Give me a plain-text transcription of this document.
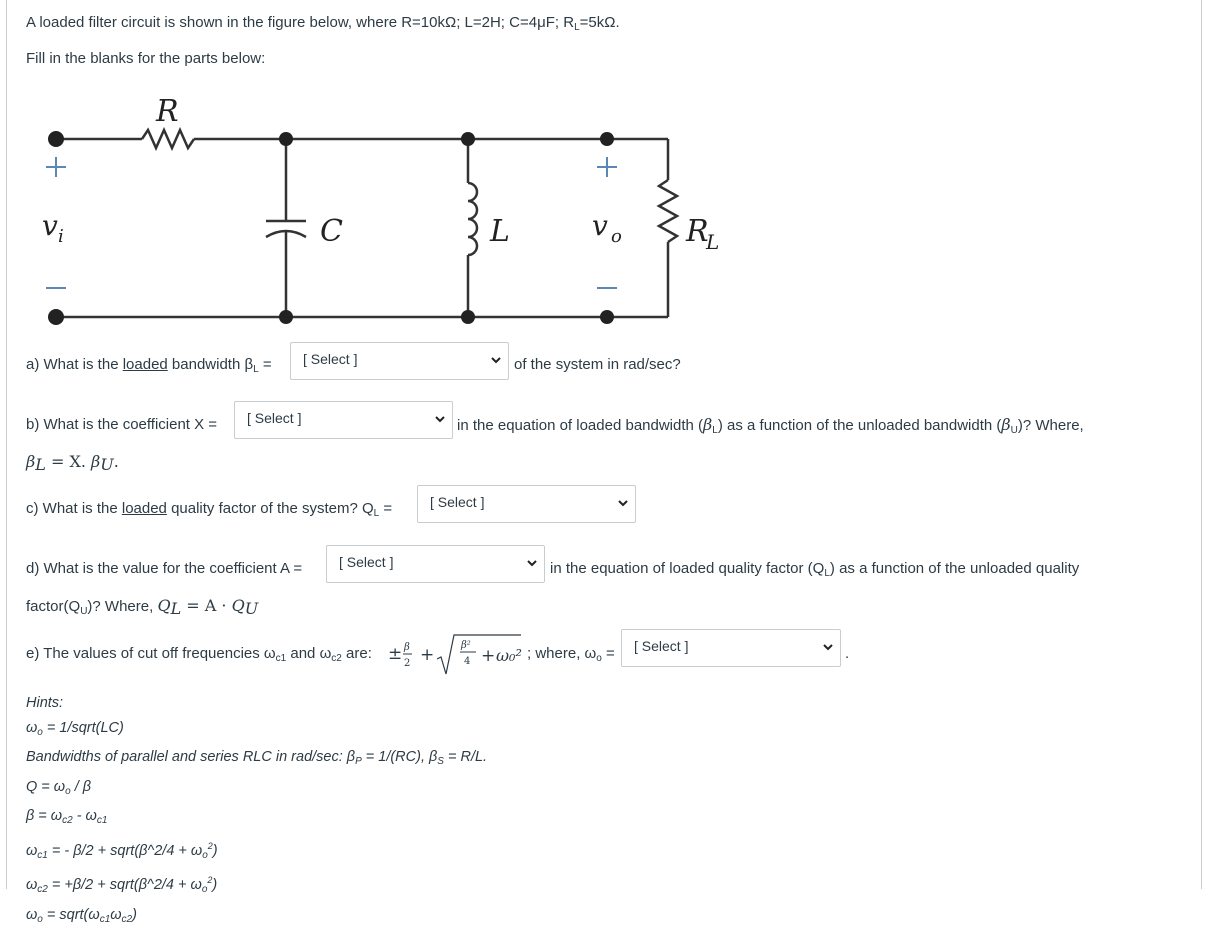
A loaded filter circuit is shown in the figure below, where R=10kΩ; L=2H; C=4μF; $R_L=5k\Omega$.
Fill in the blanks for the parts below:
R
C	L	R
L
v i	v o
a) What is the loaded bandwidth $\beta_L$ = [ Select ]	of the system in rad/sec?
b) What is the coefficient X = [ Select ]	in the equation of loaded bandwidth $(\beta_L)$ as a function of the unloaded bandwidth $(\beta_U)$? Where,
βL = X. βU.
c) What is the loaded quality factor of the system? $Q_L$ =	[ Select ]
d) What is the value for the coefficient A =	[ Select ]	in the equation of loaded quality factor $(Q_L)$ as a function of the unloaded quality
$factor(Q_U)$? Where, QL = A · QU
e) The values of cut off frequencies $\omega_{c1}$ and $\omega_{c2}$ are: ± β
2 +	β²
4 + ω₀² ; where, $\omega_o$ = [ Select ]	.
Hints:
$\omega_o$ = 1/sqrt(LC)
Bandwidths of parallel and series RLC in rad/sec: $\beta_P = 1/(RC)$, $\beta_S = R/L$.
$Q = \omega_o / \beta$
$\beta = \omega_{c2} - \omega_{c1}$
$\omega_{c1}$ = - β/2 + sqrt(β^2/4 + $\omega_o^2$)
$\omega_{c2} = +\beta/2$ + sqrt(β^2/4 + $\omega_o^2$)
$\omega_o$ = $sqrt(\omega_{c1}\omega_{c2})$
